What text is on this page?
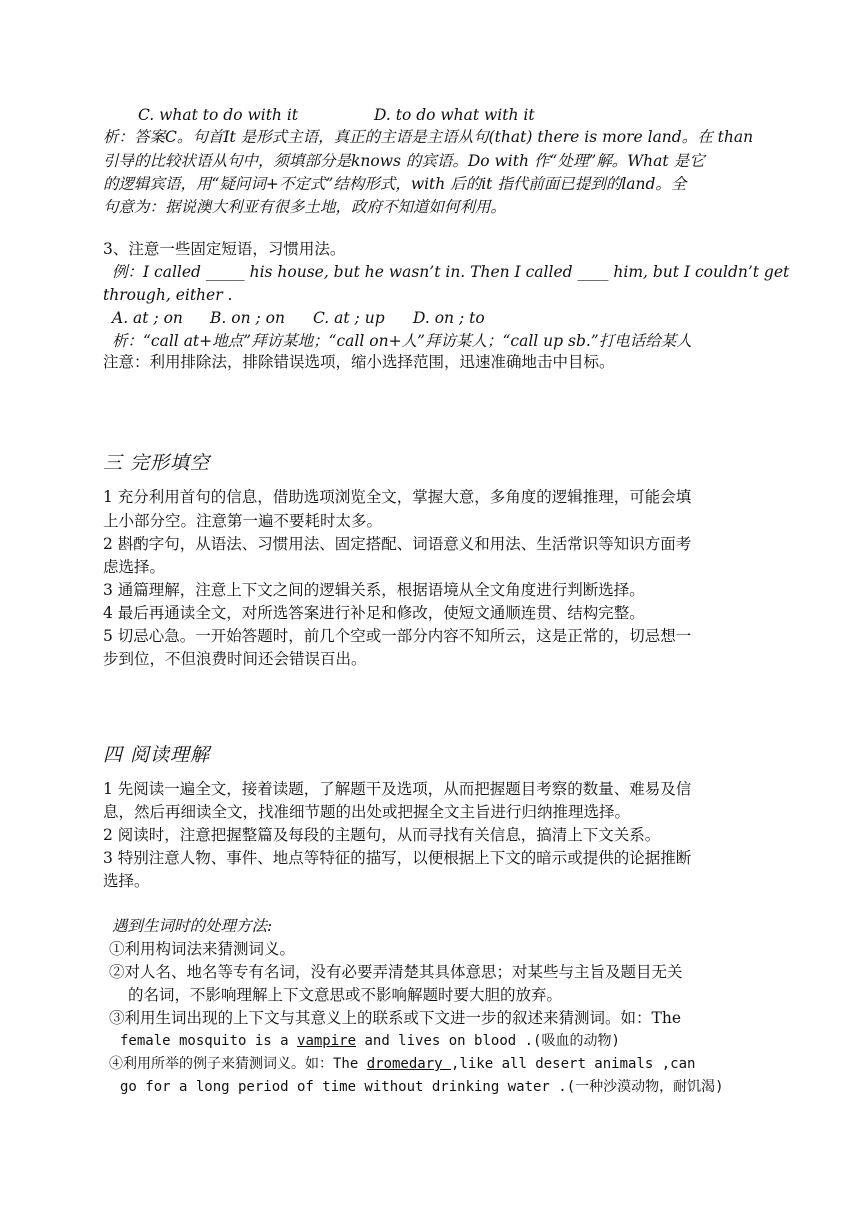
C. what to do with it	D. to do what with it
析：答案C。句首It 是形式主语，真正的主语是主语从句(that) there is more land。在 than
引导的比较状语从句中，须填部分是knows 的宾语。Do with 作“处理”解。What 是它
的逻辑宾语，用“疑问词+不定式”结构形式，with 后的it 指代前面已提到的land。全
句意为：据说澳大利亚有很多土地，政府不知道如何利用。
3、注意一些固定短语，习惯用法。
例：I called _____ his house, but he wasn’t in. Then I called ____ him, but I couldn’t get
through, either .
A. at ; on B. on ; on C. at ; up D. on ; to
析：“call at+地点”拜访某地；“call on+人”拜访某人；“call up sb.”打电话给某人
注意：利用排除法，排除错误选项，缩小选择范围，迅速准确地击中目标。
三 完形填空
1 充分利用首句的信息，借助选项浏览全文，掌握大意，多角度的逻辑推理，可能会填
上小部分空。注意第一遍不要耗时太多。
2 斟酌字句，从语法、习惯用法、固定搭配、词语意义和用法、生活常识等知识方面考
虑选择。
3 通篇理解，注意上下文之间的逻辑关系，根据语境从全文角度进行判断选择。
4 最后再通读全文，对所选答案进行补足和修改，使短文通顺连贯、结构完整。
5 切忌心急。一开始答题时，前几个空或一部分内容不知所云，这是正常的，切忌想一
步到位，不但浪费时间还会错误百出。
四 阅读理解
1 先阅读一遍全文，接着读题，了解题干及选项，从而把握题目考察的数量、难易及信
息，然后再细读全文，找准细节题的出处或把握全文主旨进行归纳推理选择。
2 阅读时，注意把握整篇及每段的主题句，从而寻找有关信息，搞清上下文关系。
3 特别注意人物、事件、地点等特征的描写，以便根据上下文的暗示或提供的论据推断
选择。
遇到生词时的处理方法:
①利用构词法来猜测词义。
②对人名、地名等专有名词，没有必要弄清楚其具体意思；对某些与主旨及题目无关
的名词，不影响理解上下文意思或不影响解题时要大胆的放弃。
③利用生词出现的上下文与其意义上的联系或下文进一步的叙述来猜测词。如：The
female mosquito is a vampire and lives on blood .(吸血的动物)
④利用所举的例子来猜测词义。如：The dromedary ,like all desert animals ,can
go for a long period of time without drinking water .(一种沙漠动物，耐饥渴)
